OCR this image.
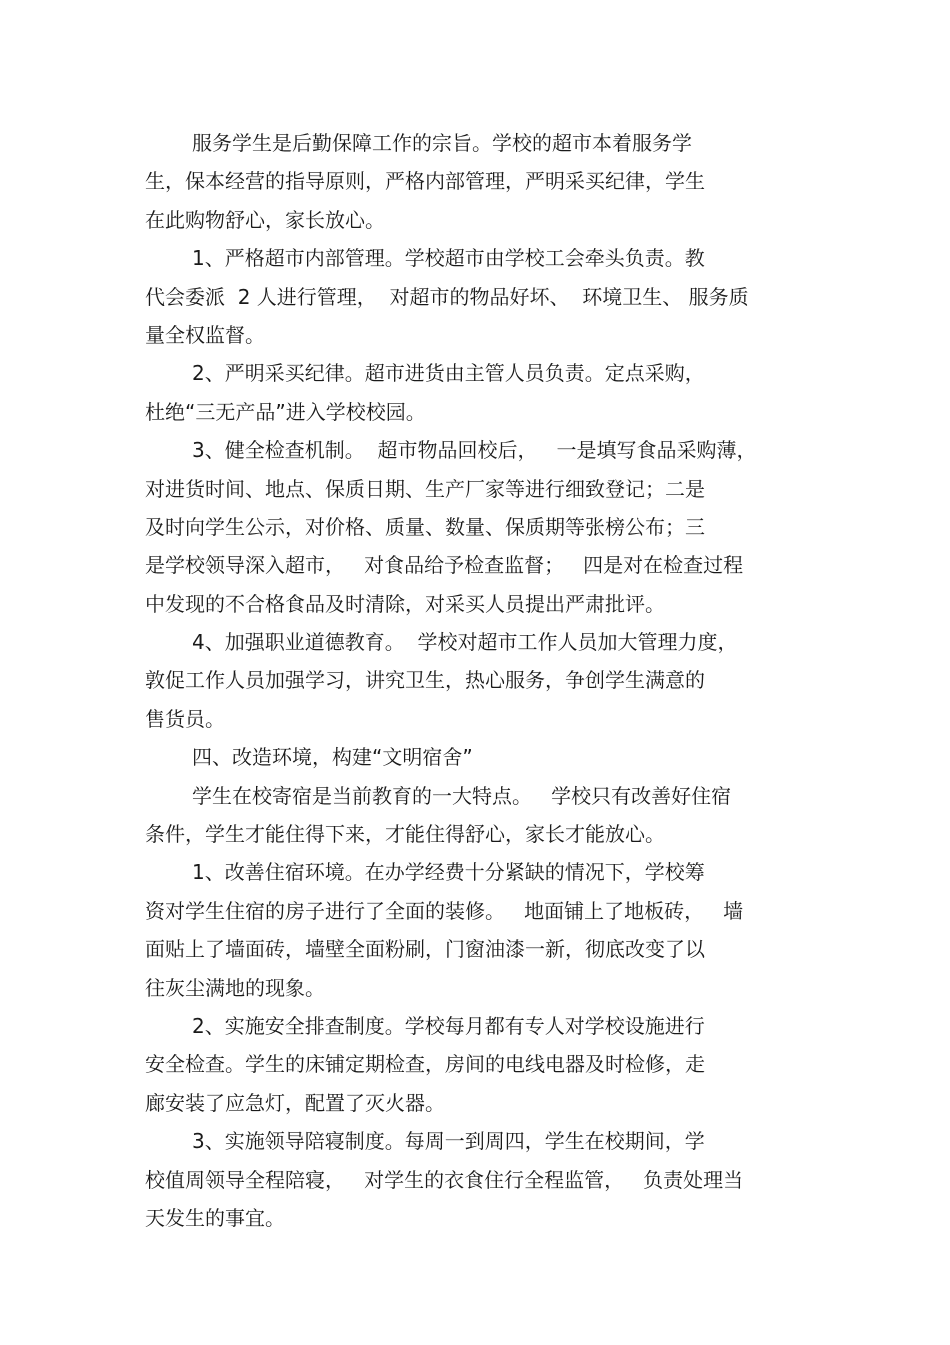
服务学生是后勤保障工作的宗旨。学校的超市本着服务学
生，保本经营的指导原则，严格内部管理，严明采买纪律，学生
在此购物舒心，家长放心。
1、严格超市内部管理。学校超市由学校工会牵头负责。教
代会委派  2 人进行管理，  对超市的物品好坏、  环境卫生、 服务质
量全权监督。
2、严明采买纪律。超市进货由主管人员负责。定点采购，
杜绝“三无产品”进入学校校园。
3、健全检查机制。  超市物品回校后，   一是填写食品采购薄，
对进货时间、地点、保质日期、生产厂家等进行细致登记；二是
及时向学生公示，对价格、质量、数量、保质期等张榜公布；三
是学校领导深入超市，   对食品给予检查监督；   四是对在检查过程
中发现的不合格食品及时清除，对采买人员提出严肃批评。
4、加强职业道德教育。  学校对超市工作人员加大管理力度，
敦促工作人员加强学习，讲究卫生，热心服务，争创学生满意的
售货员。
四、改造环境，构建“文明宿舍”
学生在校寄宿是当前教育的一大特点。   学校只有改善好住宿
条件，学生才能住得下来，才能住得舒心，家长才能放心。
1、改善住宿环境。在办学经费十分紧缺的情况下，学校筹
资对学生住宿的房子进行了全面的装修。   地面铺上了地板砖，   墙
面贴上了墙面砖，墙壁全面粉刷，门窗油漆一新，彻底改变了以
往灰尘满地的现象。
2、实施安全排查制度。学校每月都有专人对学校设施进行
安全检查。学生的床铺定期检查，房间的电线电器及时检修，走
廊安装了应急灯，配置了灭火器。
3、实施领导陪寝制度。每周一到周四，学生在校期间，学
校值周领导全程陪寝，   对学生的衣食住行全程监管，   负责处理当
天发生的事宜。
